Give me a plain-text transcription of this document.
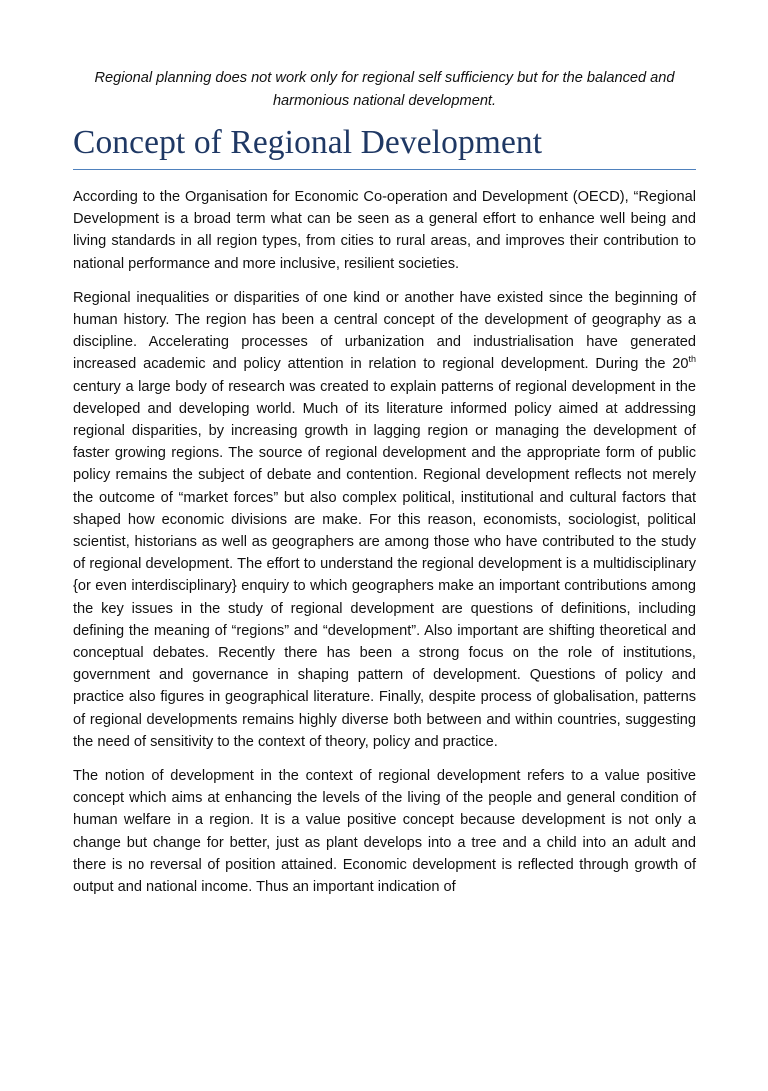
Regional planning does not work only for regional self sufficiency but for the balanced and harmonious national development.

Concept of Regional Development

According to the Organisation for Economic Co-operation and Development (OECD), “Regional Development is a broad term what can be seen as a general effort to enhance well being and living standards in all region types, from cities to rural areas, and improves their contribution to national performance and more inclusive, resilient societies.

Regional inequalities or disparities of one kind or another have existed since the beginning of human history. The region has been a central concept of the development of geography as a discipline. Accelerating processes of urbanization and industrialisation have generated increased academic and policy attention in relation to regional development. During the 20th century a large body of research was created to explain patterns of regional development in the developed and developing world. Much of its literature informed policy aimed at addressing regional disparities, by increasing growth in lagging region or managing the development of faster growing regions. The source of regional development and the appropriate form of public policy remains the subject of debate and contention. Regional development reflects not merely the outcome of “market forces” but also complex political, institutional and cultural factors that shaped how economic divisions are make. For this reason, economists, sociologist, political scientist, historians as well as geographers are among those who have contributed to the study of regional development. The effort to understand the regional development is a multidisciplinary {or even interdisciplinary} enquiry to which geographers make an important contributions among the key issues in the study of regional development are questions of definitions, including defining the meaning of “regions” and “development”. Also important are shifting theoretical and conceptual debates. Recently there has been a strong focus on the role of institutions, government and governance in shaping pattern of development. Questions of policy and practice also figures in geographical literature. Finally, despite process of globalisation, patterns of regional developments remains highly diverse both between and within countries, suggesting the need of sensitivity to the context of theory, policy and practice.

The notion of development in the context of regional development refers to a value positive concept which aims at enhancing the levels of the living of the people and general condition of human welfare in a region. It is a value positive concept because development is not only a change but change for better, just as plant develops into a tree and a child into an adult and there is no reversal of position attained. Economic development is reflected through growth of output and national income. Thus an important indication of
